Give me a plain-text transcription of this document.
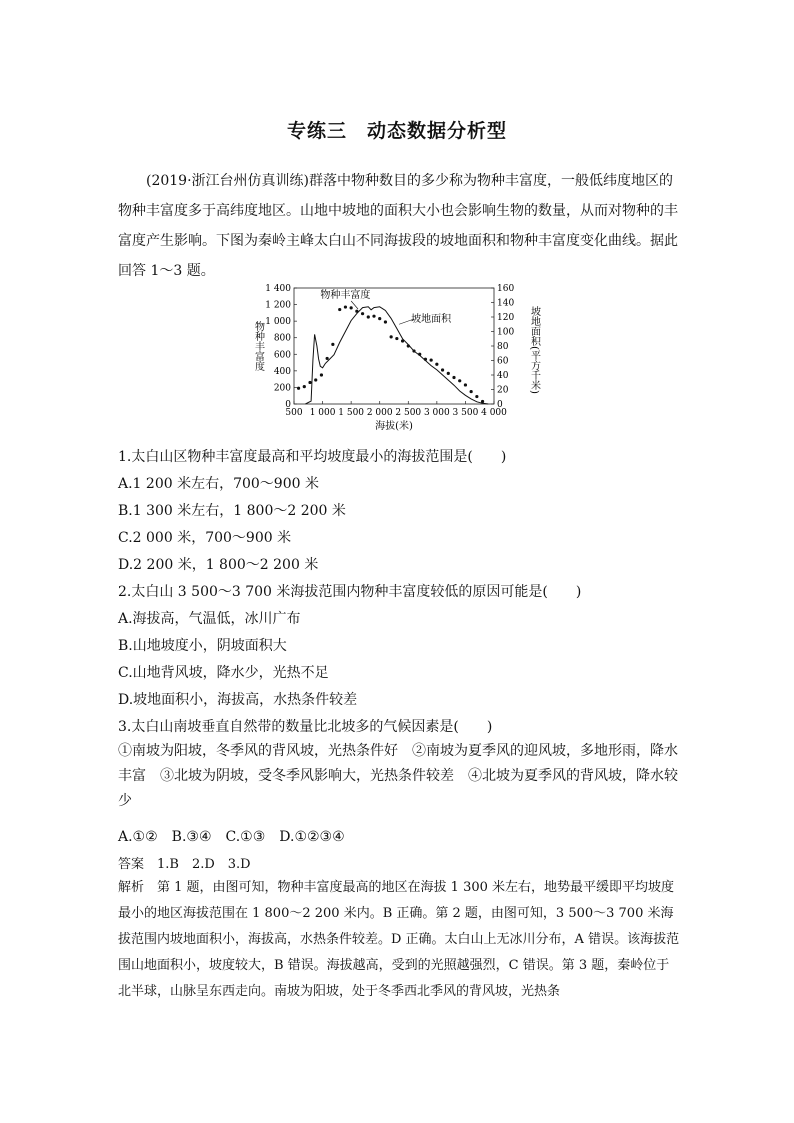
专练三　动态数据分析型
(2019·浙江台州仿真训练)群落中物种数目的多少称为物种丰富度，一般低纬度地区的物种丰富度多于高纬度地区。山地中坡地的面积大小也会影响生物的数量，从而对物种的丰富度产生影响。下图为秦岭主峰太白山不同海拔段的坡地面积和物种丰富度变化曲线。据此回答 1～3 题。
500 1 000 1 500 2 000 2 500 3 000 3 500 4 000
0
200
400
600
800
1 000
1 200
1 400
0
20
40
60
80
100
120
140
160
海拔(米)
物种丰富度	坡地面积(平方千米)
物种丰富度
坡地面积
1.太白山区物种丰富度最高和平均坡度最小的海拔范围是(　　)
A.1 200 米左右，700～900 米
B.1 300 米左右，1 800～2 200 米
C.2 000 米，700～900 米
D.2 200 米，1 800～2 200 米
2.太白山 3 500～3 700 米海拔范围内物种丰富度较低的原因可能是(　　)
A.海拔高，气温低，冰川广布
B.山地坡度小，阴坡面积大
C.山地背风坡，降水少，光热不足
D.坡地面积小，海拔高，水热条件较差
3.太白山南坡垂直自然带的数量比北坡多的气候因素是(　　)
①南坡为阳坡，冬季风的背风坡，光热条件好　②南坡为夏季风的迎风坡，多地形雨，降水丰富　③北坡为阴坡，受冬季风影响大，光热条件较差　④北坡为夏季风的背风坡，降水较少
A.①②　B.③④　C.①③　D.①②③④
答案　1.B　2.D　3.D
解析　第 1 题，由图可知，物种丰富度最高的地区在海拔 1 300 米左右，地势最平缓即平均坡度最小的地区海拔范围在 1 800～2 200 米内。B 正确。第 2 题，由图可知，3 500～3 700 米海拔范围内坡地面积小，海拔高，水热条件较差。D 正确。太白山上无冰川分布，A 错误。该海拔范围山地面积小，坡度较大，B 错误。海拔越高，受到的光照越强烈，C 错误。第 3 题，秦岭位于北半球，山脉呈东西走向。南坡为阳坡，处于冬季西北季风的背风坡，光热条
